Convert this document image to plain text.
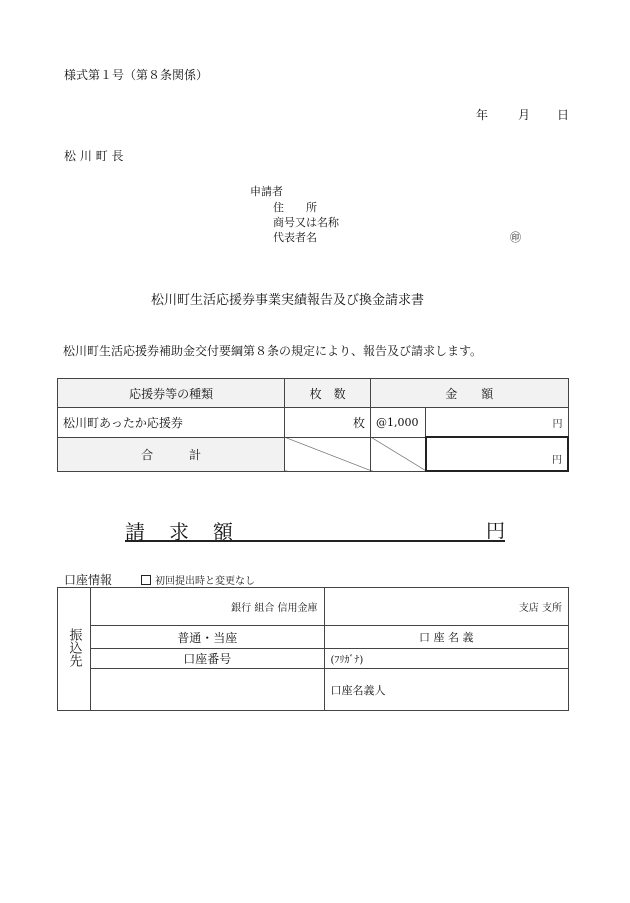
様式第１号（第８条関係）
年 月 日
松 川 町 長
申請者
住　　所
商号又は名称
代表者名	㊞
松川町生活応援券事業実績報告及び換金請求書
松川町生活応援券補助金交付要綱第８条の規定により、報告及び請求します。
応援券等の種類	枚　数	金　　額	
松川町あったか応援券	枚	@1,000	円
合　　　計			円
請　求　額	円
口座情報	初回提出時と変更なし
振込先	銀行 組合 信用金庫	支店 支所
	普通・当座	口 座 名 義
	口座番号	(ﾌﾘｶﾞﾅ)
		口座名義人
